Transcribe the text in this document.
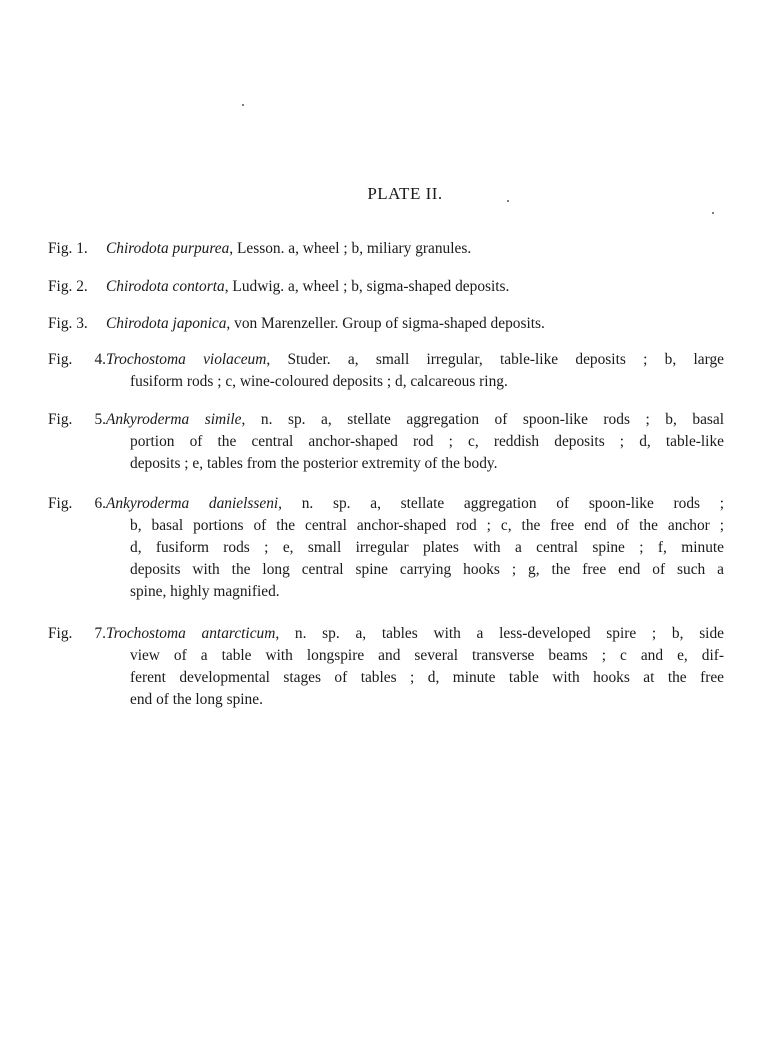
PLATE II.
Fig. 1. Chirodota purpurea, Lesson. a, wheel ; b, miliary granules.
Fig. 2. Chirodota contorta, Ludwig. a, wheel ; b, sigma-shaped deposits.
Fig. 3. Chirodota japonica, von Marenzeller. Group of sigma-shaped deposits.
Fig. 4.Trochostoma violaceum, Studer. a, small irregular, table-like deposits ; b, large
fusiform rods ; c, wine-coloured deposits ; d, calcareous ring.
Fig. 5.Ankyroderma simile, n. sp. a, stellate aggregation of spoon-like rods ; b, basal
portion of the central anchor-shaped rod ; c, reddish deposits ; d, table-like
deposits ; e, tables from the posterior extremity of the body.
Fig. 6.Ankyroderma danielsseni, n. sp. a, stellate aggregation of spoon-like rods ;
b, basal portions of the central anchor-shaped rod ; c, the free end of the anchor ;
d, fusiform rods ; e, small irregular plates with a central spine ; f, minute
deposits with the long central spine carrying hooks ; g, the free end of such a
spine, highly magnified.
Fig. 7.Trochostoma antarcticum, n. sp. a, tables with a less-developed spire ; b, side
view of a table with longspire and several transverse beams ; c and e, dif-
ferent developmental stages of tables ; d, minute table with hooks at the free
end of the long spine.
